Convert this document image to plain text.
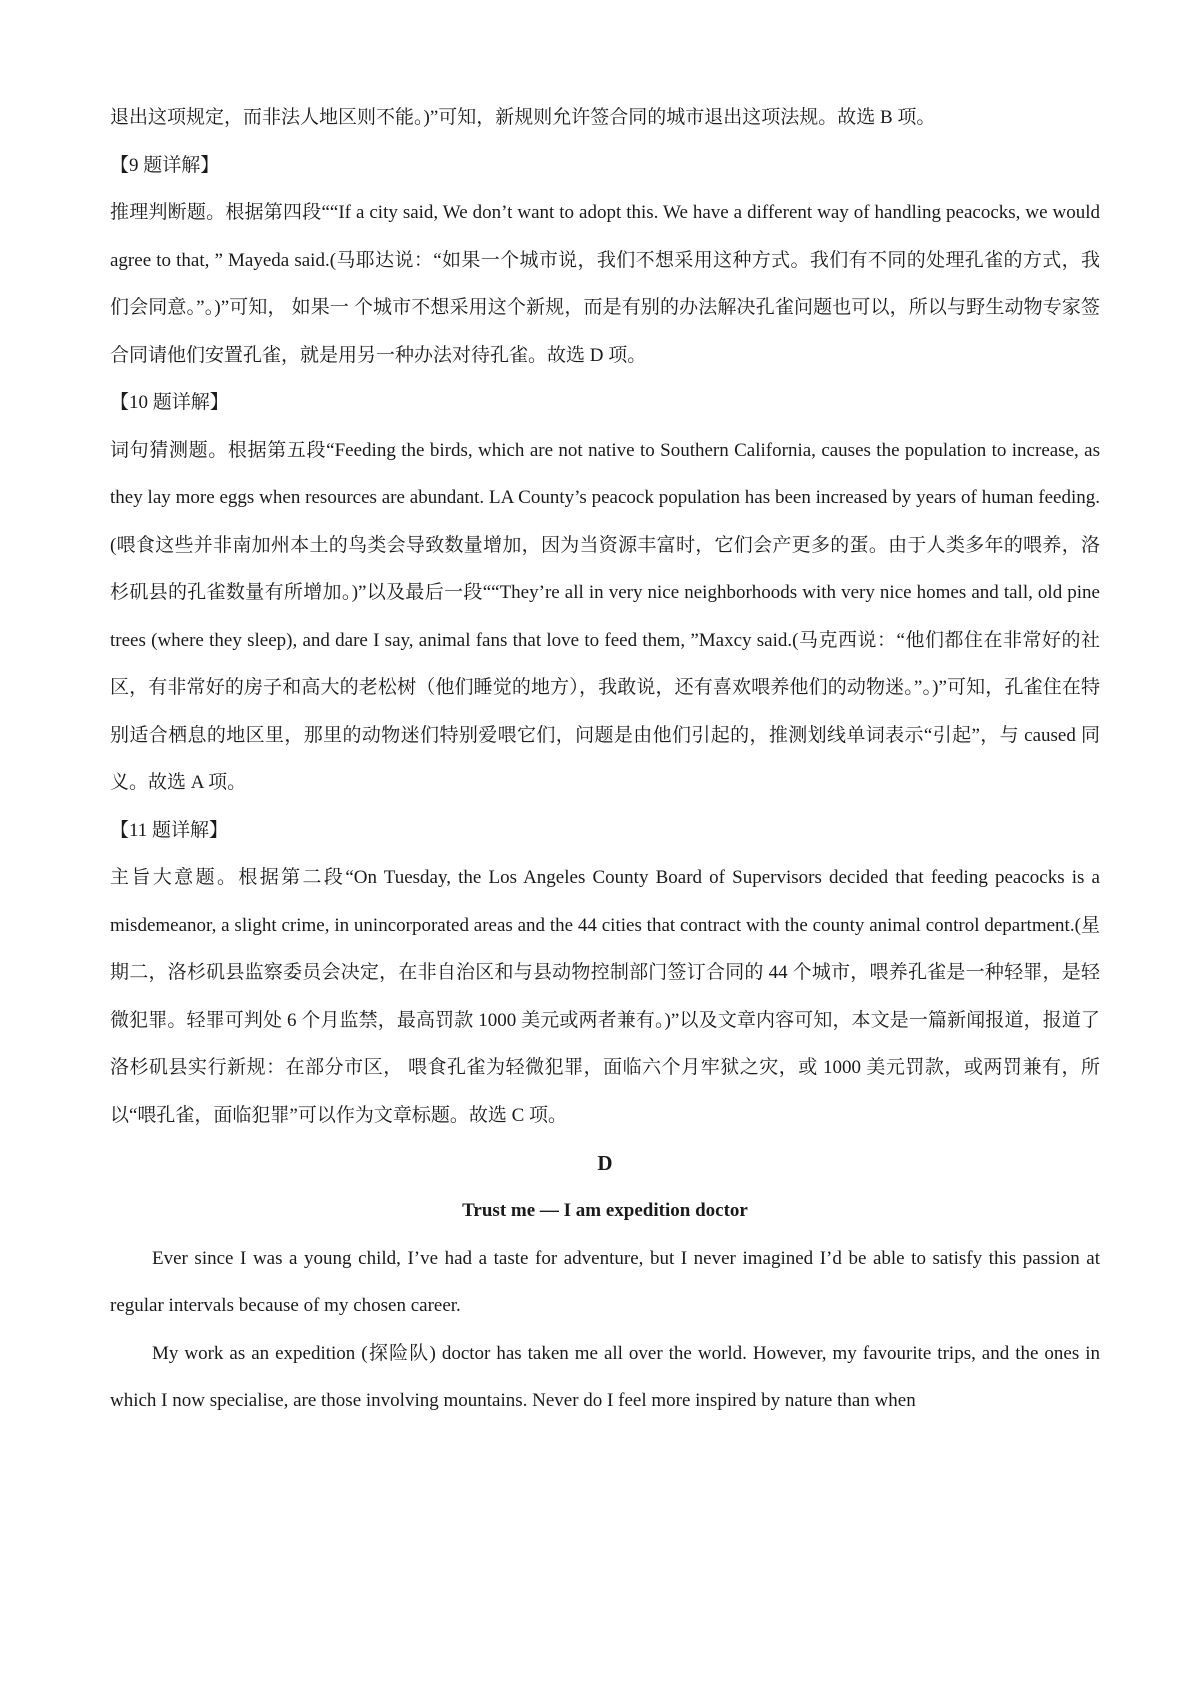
退出这项规定，而非法人地区则不能。)”可知，新规则允许签合同的城市退出这项法规。故选 B 项。

【9 题详解】

推理判断题。根据第四段““If a city said, We don’t want to adopt this. We have a different way of handling peacocks, we would agree to that, ” Mayeda said.(马耶达说：“如果一个城市说，我们不想采用这种方式。我们有不同的处理孔雀的方式，我们会同意。”。)”可知， 如果一 个城市不想采用这个新规，而是有别的办法解决孔雀问题也可以，所以与野生动物专家签合同请他们安置孔雀，就是用另一种办法对待孔雀。故选 D 项。

【10 题详解】

词句猜测题。根据第五段“Feeding the birds, which are not native to Southern California, causes the population to increase, as they lay more eggs when resources are abundant. LA County’s peacock population has been increased by years of human feeding.(喂食这些并非南加州本土的鸟类会导致数量增加，因为当资源丰富时，它们会产更多的蛋。由于人类多年的喂养，洛杉矶县的孔雀数量有所增加。)”以及最后一段““They’re all in very nice neighborhoods with very nice homes and tall, old pine trees (where they sleep), and dare I say, animal fans that love to feed them, ”Maxcy said.(马克西说：“他们都住在非常好的社区，有非常好的房子和高大的老松树（他们睡觉的地方），我敢说，还有喜欢喂养他们的动物迷。”。)”可知，孔雀住在特别适合栖息的地区里，那里的动物迷们特别爱喂它们，问题是由他们引起的，推测划线单词表示“引起”，与 caused 同义。故选 A 项。

【11 题详解】

主旨大意题。根据第二段“On Tuesday, the Los Angeles County Board of Supervisors decided that feeding peacocks is a misdemeanor, a slight crime, in unincorporated areas and the 44 cities that contract with the county animal control department.(星期二，洛杉矶县监察委员会决定，在非自治区和与县动物控制部门签订合同的 44 个城市，喂养孔雀是一种轻罪，是轻微犯罪。轻罪可判处 6 个月监禁，最高罚款 1000 美元或两者兼有。)”以及文章内容可知，本文是一篇新闻报道，报道了洛杉矶县实行新规：在部分市区， 喂食孔雀为轻微犯罪，面临六个月牢狱之灾，或 1000 美元罚款，或两罚兼有，所以“喂孔雀，面临犯罪”可以作为文章标题。故选 C 项。

D

Trust me — I am expedition doctor

Ever since I was a young child, I’ve had a taste for adventure, but I never imagined I’d be able to satisfy this passion at regular intervals because of my chosen career.

My work as an expedition (探险队) doctor has taken me all over the world. However, my favourite trips, and the ones in which I now specialise, are those involving mountains. Never do I feel more inspired by nature than when
